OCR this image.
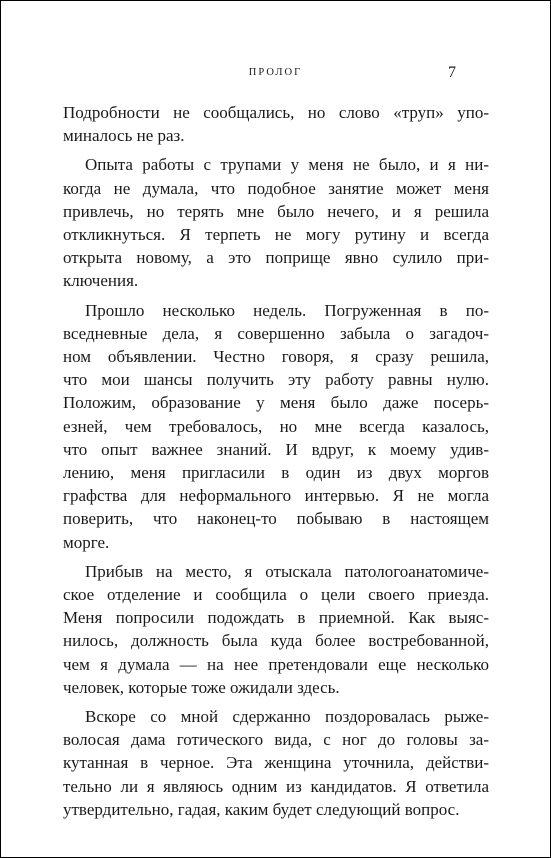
ПРОЛОГ	7
Подробности не сообщались, но слово «труп» упо-
миналось не раз.
Опыта работы с трупами у меня не было, и я ни-
когда не думала, что подобное занятие может меня
привлечь, но терять мне было нечего, и я решила
откликнуться. Я терпеть не могу рутину и всегда
открыта новому, а это поприще явно сулило при-
ключения.
Прошло несколько недель. Погруженная в по-
вседневные дела, я совершенно забыла о загадоч-
ном объявлении. Честно говоря, я сразу решила,
что мои шансы получить эту работу равны нулю.
Положим, образование у меня было даже посерь-
езней, чем требовалось, но мне всегда казалось,
что опыт важнее знаний. И вдруг, к моему удив-
лению, меня пригласили в один из двух моргов
графства для неформального интервью. Я не могла
поверить, что наконец-то побываю в настоящем
морге.
Прибыв на место, я отыскала патологоанатомиче-
ское отделение и сообщила о цели своего приезда.
Меня попросили подождать в приемной. Как выяс-
нилось, должность была куда более востребованной,
чем я думала — на нее претендовали еще несколько
человек, которые тоже ожидали здесь.
Вскоре со мной сдержанно поздоровалась рыже-
волосая дама готического вида, с ног до головы за-
кутанная в черное. Эта женщина уточнила, действи-
тельно ли я являюсь одним из кандидатов. Я ответила
утвердительно, гадая, каким будет следующий вопрос.
